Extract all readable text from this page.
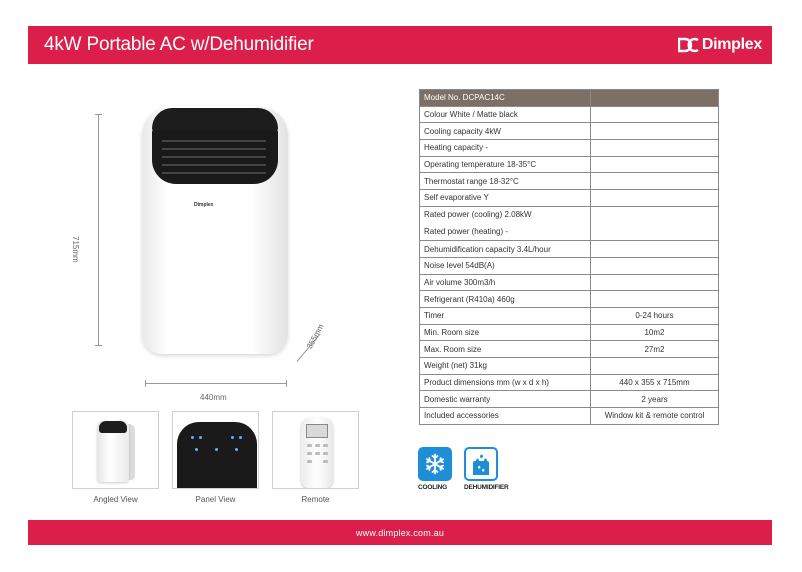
4kW Portable AC w/Dehumidifier	Dimplex
715mm
Dimplex
440mm
355mm
Angled View	Panel View	Remote
Model No. DCPAC14C	
Colour White / Matte black	
Cooling capacity 4kW	
Heating capacity -	
Operating temperature 18-35°C	
Thermostat range 18-32°C	
Self evaporative Y	

Rated power (cooling) 2.08kW
Rated power (heating) -	

Dehumidification capacity 3.4L/hour	
Noise level 54dB(A)	
Air volume 300m3/h	
Refrigerant (R410a) 460g	
Timer	0-24 hours
Min. Room size	10m2
Max. Room size	27m2
Weight (net) 31kg	
Product dimensions mm (w x d x h)	440 x 355 x 715mm
Domestic warranty	2 years
Included accessories	Window kit & remote control
COOLING	DEHUMIDIFIER
www.dimplex.com.au
